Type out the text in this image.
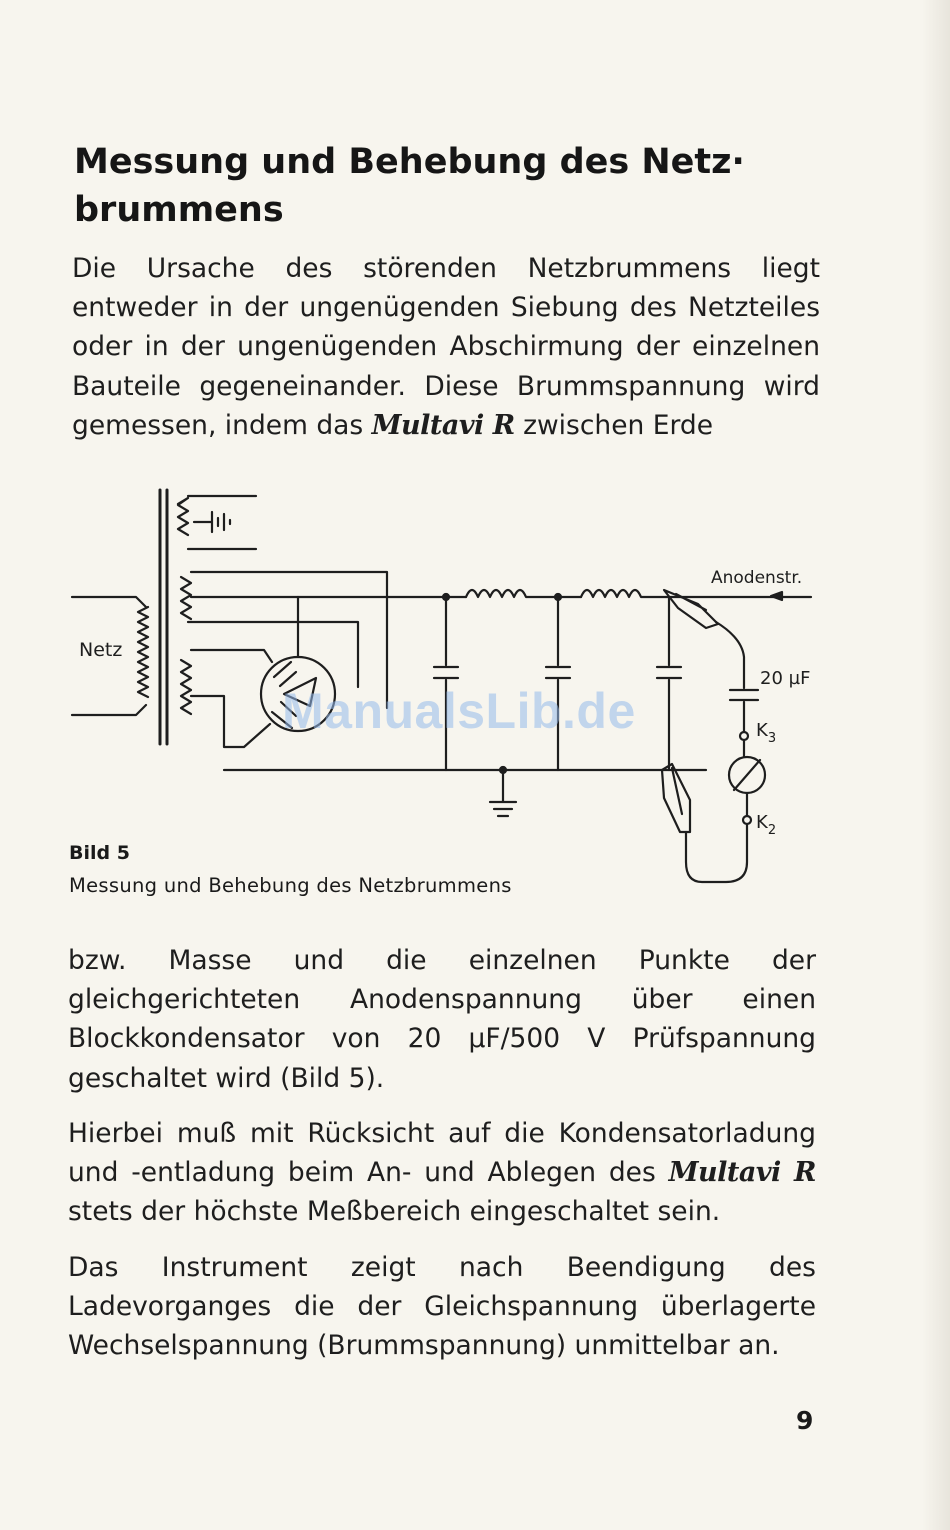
Messung und Behebung des Netz·
brummens

Die Ursache des störenden Netzbrummens liegt entweder in der ungenügenden Siebung des Netzteiles oder in der ungenügenden Abschirmung der einzelnen Bauteile gegeneinander. Diese Brummspannung wird gemessen, indem das Multavi R zwischen Erde

Netz
Anodenstr.
20 µF
$K_3$
$K_2$
Bild 5
Messung und Behebung des Netzbrummens

bzw. Masse und die einzelnen Punkte der gleichgerichteten Anodenspannung über einen Blockkondensator von 20 µF/500 V Prüfspannung geschaltet wird (Bild 5).

Hierbei muß mit Rücksicht auf die Kondensatorladung und -entladung beim An- und Ablegen des Multavi R stets der höchste Meßbereich eingeschaltet sein.

Das Instrument zeigt nach Beendigung des Ladevorganges die der Gleichspannung überlagerte Wechselspannung (Brummspannung) unmittelbar an.

9
ManualsLib.de
